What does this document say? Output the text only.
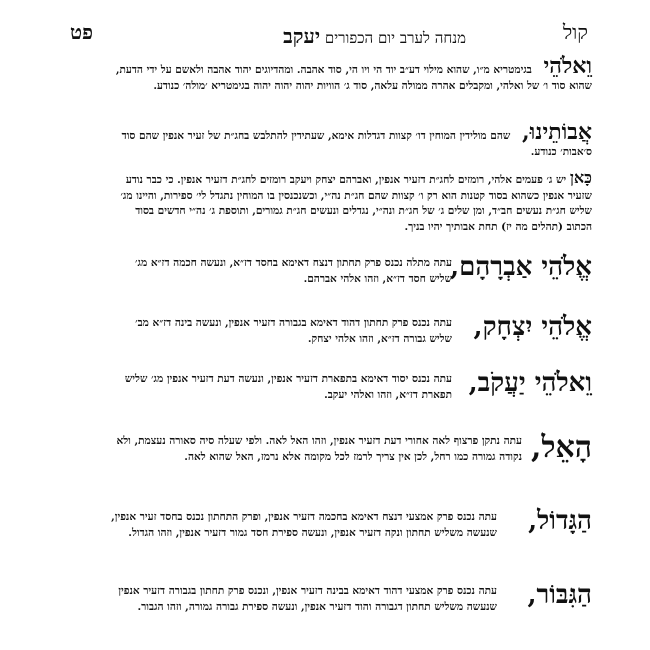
קול
מנחה לערב יום הכפורים יעקב
פט
וֵאלֹהֵי בגימטריא מ״ו, שהוא מילוי דע״ב יוד הי ויו הי, סוד אהבה. ומהדיוגים יהוד אהבה ולאשם על ידי הדעת, שהוא סוד ו׳ של ואלהי, ומקבלים אהרה ממולה עלאה, סוד ג׳ הוויות יהוה יהוה יהוה בגימטריא ׳מולה׳ כנודע.
אֲבוֹתֵינוּ, שהם מולידין המוחין דו׳ קצוות דגדלות אימא, שעתידין להתלבש בחג״ת של זעיר אנפין שהם סוד ס׳אבות׳ כנודע.
כָּאן יש ג׳ פעמים אלהי, רומזים לחג״ת דזעיר אנפין, ואברהם יצחק ויעקב רומזים לחג״ת דזעיר אנפין. כי כבר נודע שזעיר אנפין כשהוא בסוד קטנות הוא רק ו׳ קצוות שהם חג״ת נה״י, וכשנכנסין בו המוחין נתגדל לי׳ ספירות, והיינו מג׳ שליש חג״ת נעשים חב״ד, ומן שלים ג׳ של חג״ת ונה״י, נגדלים ונעשים חג״ת גמורים, ותוספת ג׳ נה״י חדשים בסוד הכתוב (תהלים מה יז) תחת אבותיך יהיו בניך.
אֱלֹהֵי אַבְרָהָם,
עתה מתלה נכנס פרק תחתון דנצח דאימא בחסד דז״א, ונעשה חכמה דז״א מג׳ שליש חסד דז״א, וזהו אלהי אברהם.
אֱלֹהֵי יִצְחָק,
עתה נכנס פרק תחתון דהוד דאימא בגבורה דזעיר אנפין, ונעשה בינה דז״א מב׳ שליש גבורה דז״א, וזהו אלהי יצחק.
וֵאלֹהֵי יַעֲקֹב,
עתה נכנס יסוד דאימא בתפארת דזעיר אנפין, ונעשה דעת דזעיר אנפין מג׳ שליש תפארת דז״א, וזהו ואלהי יעקב.
הָאֵל,
עתה נתקן פרצוף לאה אחורי דעת דזעיר אנפין, וזהו האל לאה. ולפי שעלה סיה סאורה נעצמת, ולא נקודה גמורה כמו רחל, לכן אין צריך לרמז לכל מקומה אלא נרמז, האל שהוא לאה.
הַגָּדוֹל,
עתה נכנס פרק אמצעי דנצח דאימא בחכמה דזעיר אנפין, ופרק התחתון נכנס בחסד זעיר אנפין, שנעשה משליש תחתון ונקה דזעיר אנפין, ונעשה ספירת חסד גמור דזעיר אנפין, וזהו הגדול.
הַגִּבּוֹר,
עתה נכנס פרק אמצעי דהוד דאימא בבינה דזעיר אנפין, ונכנס פרק תחתון בגבורה דזעיר אנפין שנעשה משליש תחתון דגבורה והוד דזעיר אנפין, ונעשה ספירת גבורה גמורה, וזהו הגבור.
